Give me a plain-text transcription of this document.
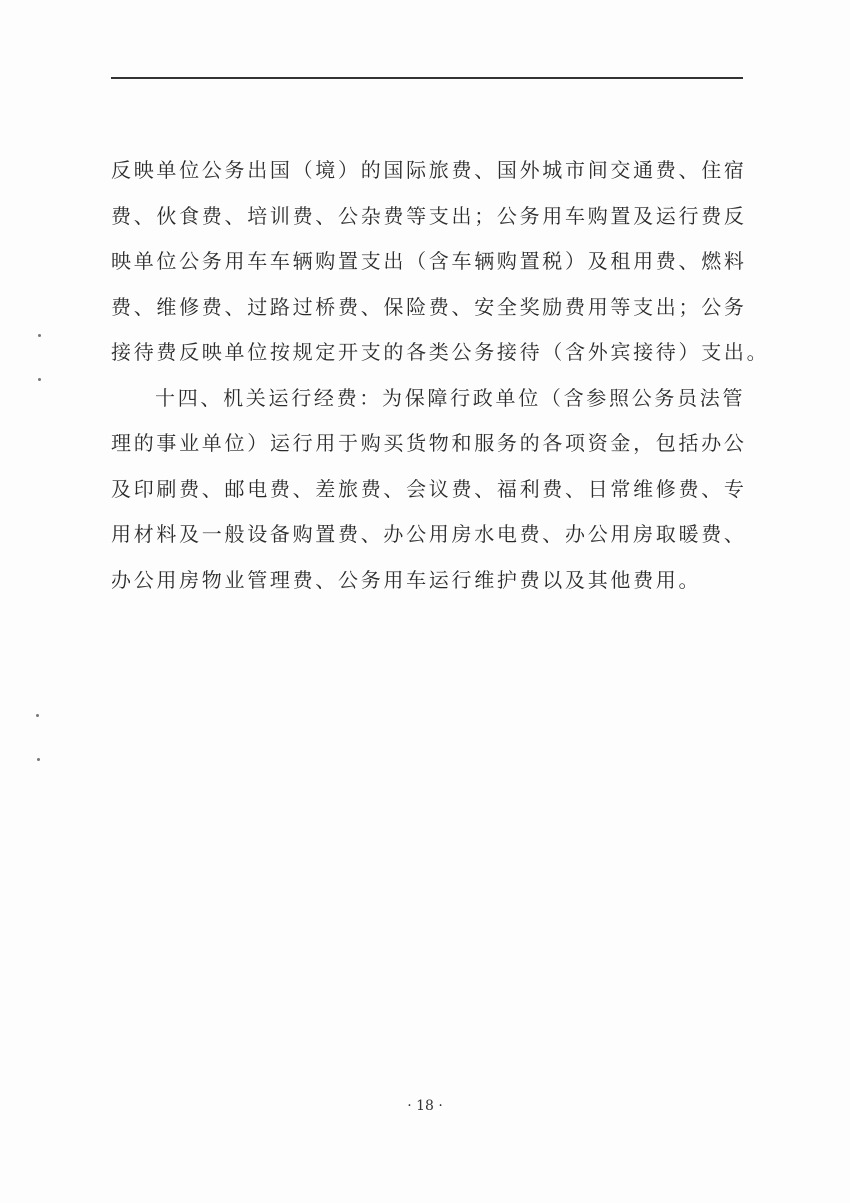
反映单位公务出国（境）的国际旅费、国外城市间交通费、住宿
费、伙食费、培训费、公杂费等支出；公务用车购置及运行费反
映单位公务用车车辆购置支出（含车辆购置税）及租用费、燃料
费、维修费、过路过桥费、保险费、安全奖励费用等支出；公务
接待费反映单位按规定开支的各类公务接待（含外宾接待）支出。
十四、机关运行经费：为保障行政单位（含参照公务员法管
理的事业单位）运行用于购买货物和服务的各项资金，包括办公
及印刷费、邮电费、差旅费、会议费、福利费、日常维修费、专
用材料及一般设备购置费、办公用房水电费、办公用房取暖费、
办公用房物业管理费、公务用车运行维护费以及其他费用。
· 18 ·
